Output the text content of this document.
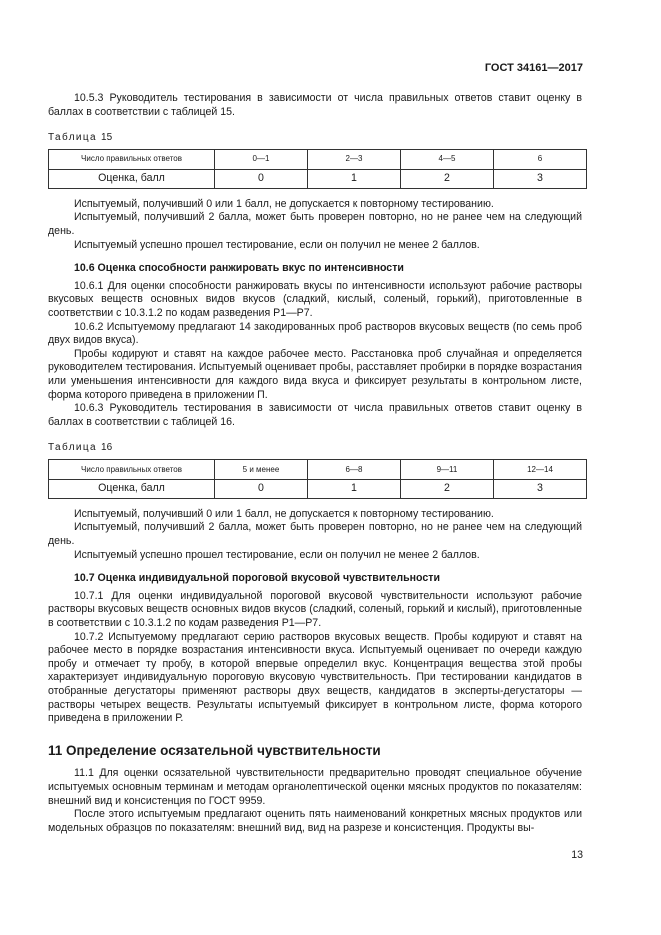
ГОСТ 34161—2017

10.5.3 Руководитель тестирования в зависимости от числа правильных ответов ставит оценку в баллах в соответствии с таблицей 15.

Таблица 15

Число правильных ответов	0—1	2—3	4—5	6
Оценка, балл	0	1	2	3

Испытуемый, получивший 0 или 1 балл, не допускается к повторному тестированию.

Испытуемый, получивший 2 балла, может быть проверен повторно, но не ранее чем на следующий день.

Испытуемый успешно прошел тестирование, если он получил не менее 2 баллов.

10.6 Оценка способности ранжировать вкус по интенсивности

10.6.1 Для оценки способности ранжировать вкусы по интенсивности используют рабочие растворы вкусовых веществ основных видов вкусов (сладкий, кислый, соленый, горький), приготовленные в соответствии с 10.3.1.2 по кодам разведения Р1—Р7.

10.6.2 Испытуемому предлагают 14 закодированных проб растворов вкусовых веществ (по семь проб двух видов вкуса).

Пробы кодируют и ставят на каждое рабочее место. Расстановка проб случайная и определяется руководителем тестирования. Испытуемый оценивает пробы, расставляет пробирки в порядке возрастания или уменьшения интенсивности для каждого вида вкуса и фиксирует результаты в контрольном листе, форма которого приведена в приложении П.

10.6.3 Руководитель тестирования в зависимости от числа правильных ответов ставит оценку в баллах в соответствии с таблицей 16.

Таблица 16

Число правильных ответов	5 и менее	6—8	9—11	12—14
Оценка, балл	0	1	2	3

Испытуемый, получивший 0 или 1 балл, не допускается к повторному тестированию.

Испытуемый, получивший 2 балла, может быть проверен повторно, но не ранее чем на следующий день.

Испытуемый успешно прошел тестирование, если он получил не менее 2 баллов.

10.7 Оценка индивидуальной пороговой вкусовой чувствительности

10.7.1 Для оценки индивидуальной пороговой вкусовой чувствительности используют рабочие растворы вкусовых веществ основных видов вкусов (сладкий, соленый, горький и кислый), приготовленные в соответствии с 10.3.1.2 по кодам разведения Р1—Р7.

10.7.2 Испытуемому предлагают серию растворов вкусовых веществ. Пробы кодируют и ставят на рабочее место в порядке возрастания интенсивности вкуса. Испытуемый оценивает по очереди каждую пробу и отмечает ту пробу, в которой впервые определил вкус. Концентрация вещества этой пробы характеризует индивидуальную пороговую вкусовую чувствительность. При тестировании кандидатов в отобранные дегустаторы применяют растворы двух веществ, кандидатов в эксперты-дегустаторы — растворы четырех веществ. Результаты испытуемый фиксирует в контрольном листе, форма которого приведена в приложении Р.

11 Определение осязательной чувствительности

11.1 Для оценки осязательной чувствительности предварительно проводят специальное обучение испытуемых основным терминам и методам органолептической оценки мясных продуктов по показателям: внешний вид и консистенция по ГОСТ 9959.

После этого испытуемым предлагают оценить пять наименований конкретных мясных продуктов или модельных образцов по показателям: внешний вид, вид на разрезе и консистенция. Продукты вы-

13
